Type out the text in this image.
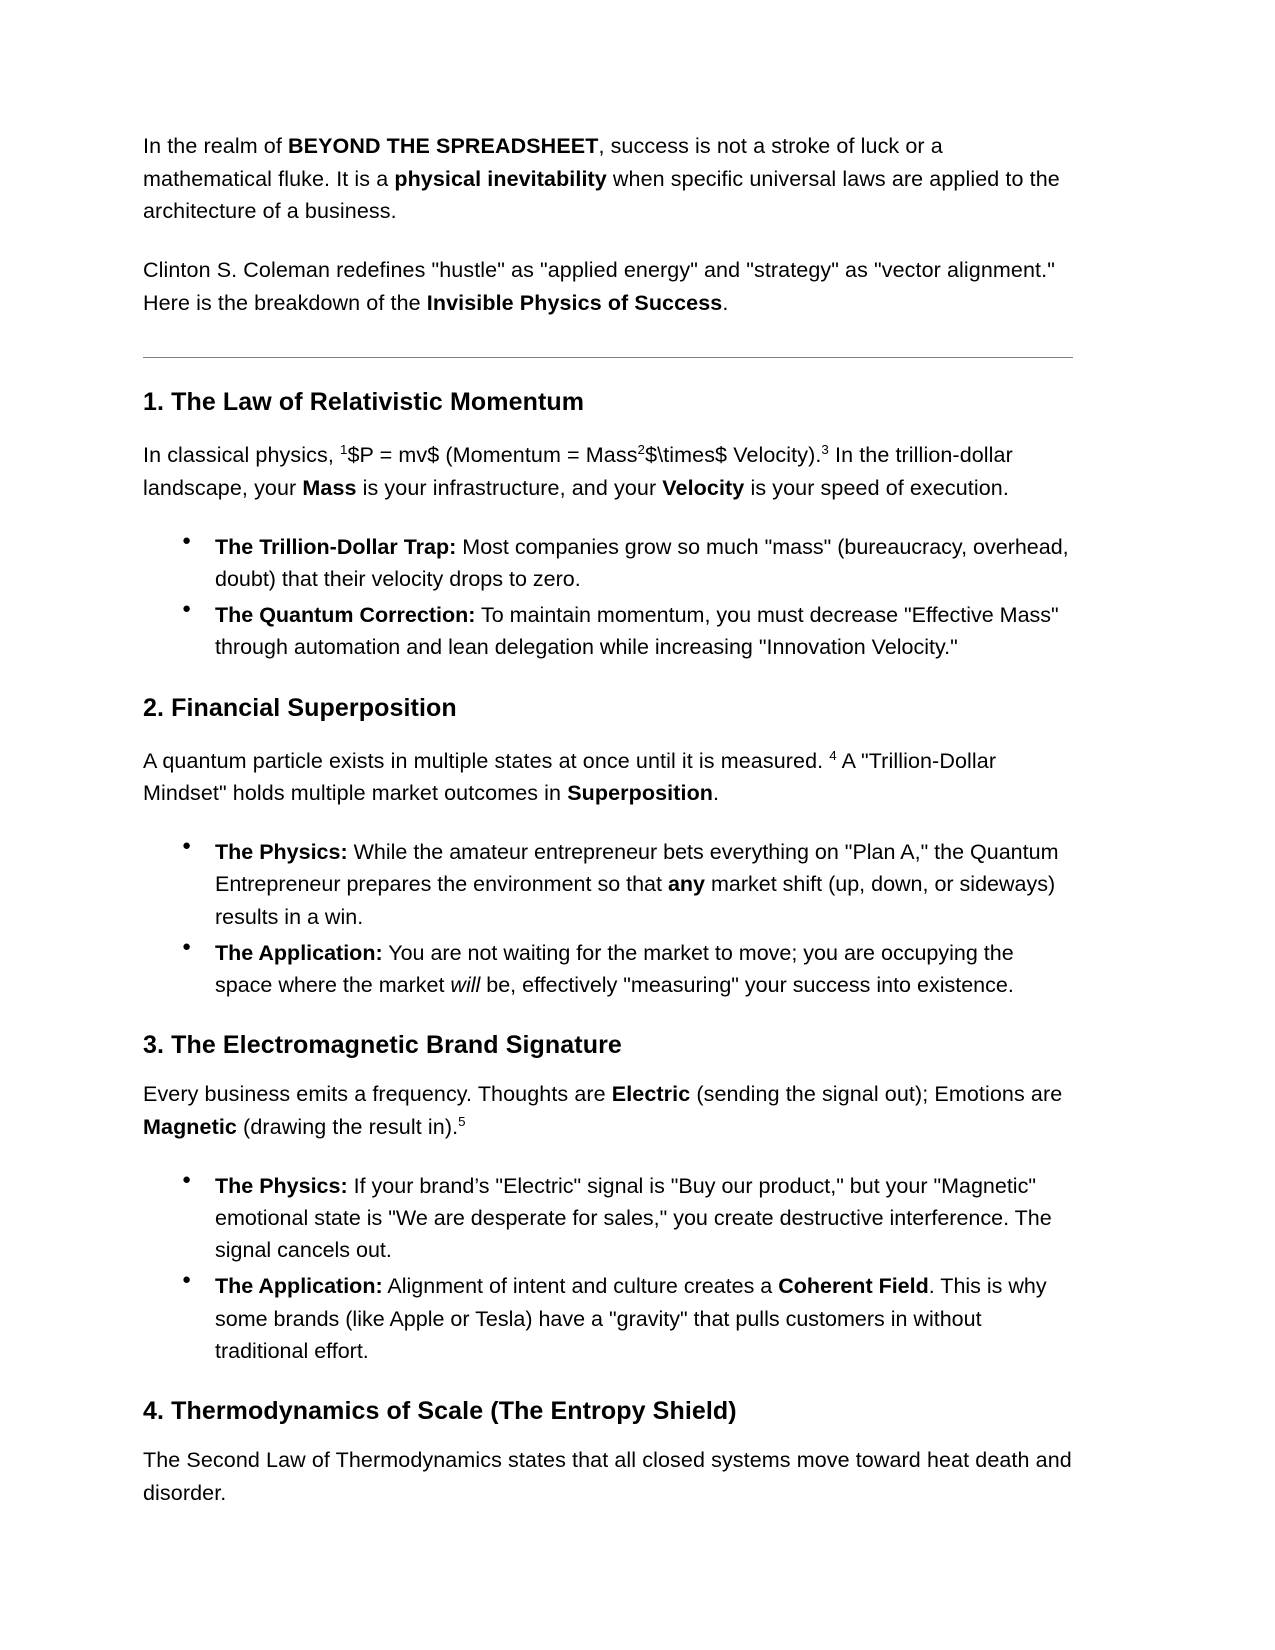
In the realm of BEYOND THE SPREADSHEET, success is not a stroke of luck or a mathematical fluke. It is a physical inevitability when specific universal laws are applied to the architecture of a business.

Clinton S. Coleman redefines "hustle" as "applied energy" and "strategy" as "vector alignment." Here is the breakdown of the Invisible Physics of Success.

1. The Law of Relativistic Momentum

In classical physics, $^1$\$P = mv$ (Momentum = Mass$^2$\$\times$ Velocity).$^3$ In the trillion-dollar landscape, your Mass is your infrastructure, and your Velocity is your speed of execution.

● The Trillion-Dollar Trap: Most companies grow so much "mass" (bureaucracy, overhead, doubt) that their velocity drops to zero.
● The Quantum Correction: To maintain momentum, you must decrease "Effective Mass" through automation and lean delegation while increasing "Innovation Velocity."
2. Financial Superposition

A quantum particle exists in multiple states at once until it is measured. $^4$ A "Trillion-Dollar Mindset" holds multiple market outcomes in Superposition.

● The Physics: While the amateur entrepreneur bets everything on "Plan A," the Quantum Entrepreneur prepares the environment so that any market shift (up, down, or sideways) results in a win.
● The Application: You are not waiting for the market to move; you are occupying the space where the market will be, effectively "measuring" your success into existence.
3. The Electromagnetic Brand Signature

Every business emits a frequency. Thoughts are Electric (sending the signal out); Emotions are Magnetic (drawing the result in).$^5$

● The Physics: If your brand’s "Electric" signal is "Buy our product," but your "Magnetic" emotional state is "We are desperate for sales," you create destructive interference. The signal cancels out.
● The Application: Alignment of intent and culture creates a Coherent Field. This is why some brands (like Apple or Tesla) have a "gravity" that pulls customers in without traditional effort.
4. Thermodynamics of Scale (The Entropy Shield)

The Second Law of Thermodynamics states that all closed systems move toward heat death and disorder.
